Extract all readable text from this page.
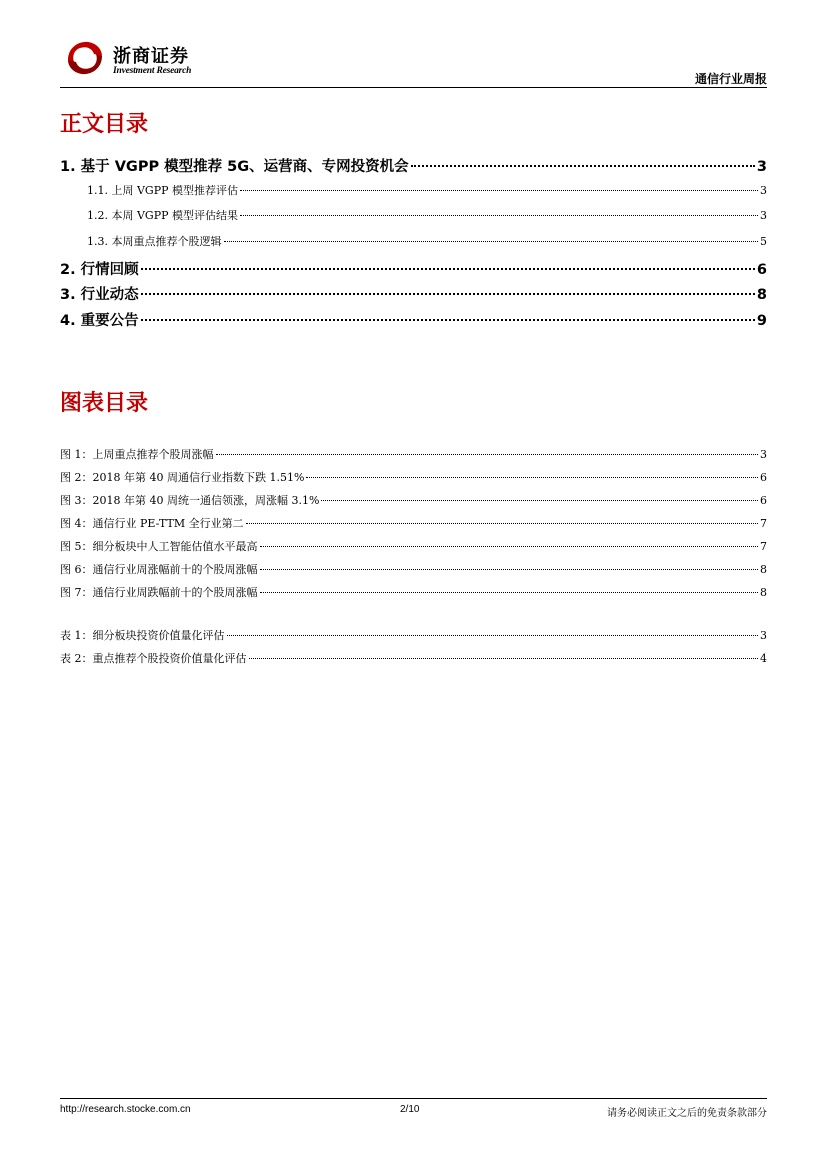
浙商证券
Investment Research
通信行业周报
正文目录
1. 基于 VGPP 模型推荐 5G、运营商、专网投资机会	3
1.1. 上周 VGPP 模型推荐评估	3
1.2. 本周 VGPP 模型评估结果	3
1.3. 本周重点推荐个股逻辑	5
2. 行情回顾	6
3. 行业动态	8
4. 重要公告	9
图表目录
图 1：上周重点推荐个股周涨幅	3
图 2：2018 年第 40 周通信行业指数下跌 1.51%	6
图 3：2018 年第 40 周统一通信领涨，周涨幅 3.1%	6
图 4：通信行业 PE-TTM 全行业第二	7
图 5：细分板块中人工智能估值水平最高	7
图 6：通信行业周涨幅前十的个股周涨幅	8
图 7：通信行业周跌幅前十的个股周涨幅	8
表 1：细分板块投资价值量化评估	3
表 2：重点推荐个股投资价值量化评估	4
http://research.stocke.com.cn	2/10	请务必阅读正文之后的免责条款部分
